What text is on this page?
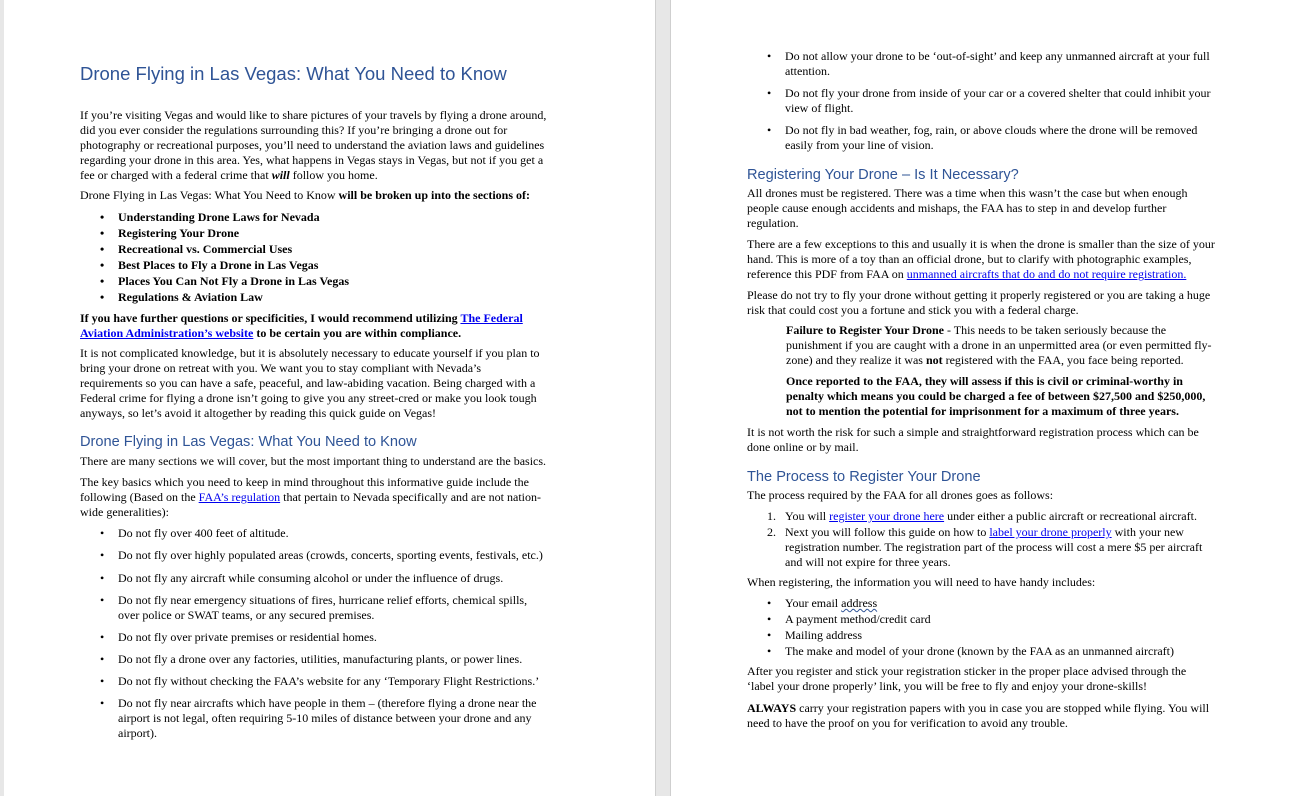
Drone Flying in Las Vegas: What You Need to Know

If you’re visiting Vegas and would like to share pictures of your travels by flying a drone around,

did you ever consider the regulations surrounding this? If you’re bringing a drone out for

photography or recreational purposes, you’ll need to understand the aviation laws and guidelines

regarding your drone in this area. Yes, what happens in Vegas stays in Vegas, but not if you get a

fee or charged with a federal crime that will follow you home.

Drone Flying in Las Vegas: What You Need to Know will be broken up into the sections of:

• Understanding Drone Laws for Nevada
• Registering Your Drone
• Recreational vs. Commercial Uses
• Best Places to Fly a Drone in Las Vegas
• Places You Can Not Fly a Drone in Las Vegas
• Regulations & Aviation Law

If you have further questions or specificities, I would recommend utilizing The Federal

Aviation Administration’s website to be certain you are within compliance.

It is not complicated knowledge, but it is absolutely necessary to educate yourself if you plan to

bring your drone on retreat with you. We want you to stay compliant with Nevada’s

requirements so you can have a safe, peaceful, and law-abiding vacation. Being charged with a

Federal crime for flying a drone isn’t going to give you any street-cred or make you look tough

anyways, so let’s avoid it altogether by reading this quick guide on Vegas!

Drone Flying in Las Vegas: What You Need to Know

There are many sections we will cover, but the most important thing to understand are the basics.

The key basics which you need to keep in mind throughout this informative guide include the

following (Based on the FAA’s regulation that pertain to Nevada specifically and are not nation-

wide generalities):

• Do not fly over 400 feet of altitude.
• Do not fly over highly populated areas (crowds, concerts, sporting events, festivals, etc.)
• Do not fly any aircraft while consuming alcohol or under the influence of drugs.
• Do not fly near emergency situations of fires, hurricane relief efforts, chemical spills,
over police or SWAT teams, or any secured premises.
• Do not fly over private premises or residential homes.
• Do not fly a drone over any factories, utilities, manufacturing plants, or power lines.
• Do not fly without checking the FAA’s website for any ‘Temporary Flight Restrictions.’
• Do not fly near aircrafts which have people in them – (therefore flying a drone near the
airport is not legal, often requiring 5-10 miles of distance between your drone and any
airport).
• Do not allow your drone to be ‘out-of-sight’ and keep any unmanned aircraft at your full
attention.
• Do not fly your drone from inside of your car or a covered shelter that could inhibit your
view of flight.
• Do not fly in bad weather, fog, rain, or above clouds where the drone will be removed
easily from your line of vision.
Registering Your Drone – Is It Necessary?

All drones must be registered. There was a time when this wasn’t the case but when enough

people cause enough accidents and mishaps, the FAA has to step in and develop further

regulation.

There are a few exceptions to this and usually it is when the drone is smaller than the size of your

hand. This is more of a toy than an official drone, but to clarify with photographic examples,

reference this PDF from FAA on unmanned aircrafts that do and do not require registration.

Please do not try to fly your drone without getting it properly registered or you are taking a huge

risk that could cost you a fortune and stick you with a federal charge.

Failure to Register Your Drone - This needs to be taken seriously because the

punishment if you are caught with a drone in an unpermitted area (or even permitted fly-

zone) and they realize it was not registered with the FAA, you face being reported.

Once reported to the FAA, they will assess if this is civil or criminal-worthy in

penalty which means you could be charged a fee of between $27,500 and $250,000,

not to mention the potential for imprisonment for a maximum of three years.

It is not worth the risk for such a simple and straightforward registration process which can be

done online or by mail.

The Process to Register Your Drone

The process required by the FAA for all drones goes as follows:

1. You will register your drone here under either a public aircraft or recreational aircraft.
2. Next you will follow this guide on how to label your drone properly with your new
registration number. The registration part of the process will cost a mere $5 per aircraft
and will not expire for three years.

When registering, the information you will need to have handy includes:

• Your email address
• A payment method/credit card
• Mailing address
• The make and model of your drone (known by the FAA as an unmanned aircraft)

After you register and stick your registration sticker in the proper place advised through the

‘label your drone properly’ link, you will be free to fly and enjoy your drone-skills!

ALWAYS carry your registration papers with you in case you are stopped while flying. You will

need to have the proof on you for verification to avoid any trouble.
